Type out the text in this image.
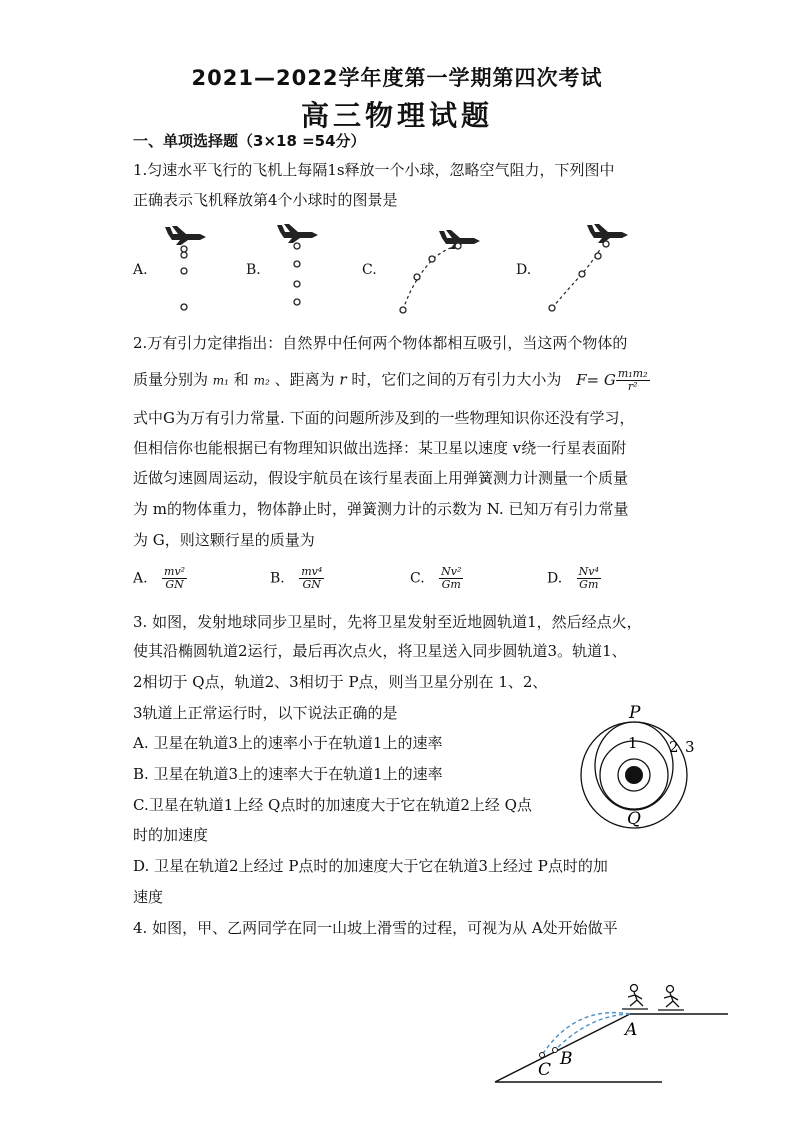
2021—2022学年度第一学期第四次考试
高三物理试题
一、单项选择题（3×18 =54分）
1.匀速水平飞行的飞机上每隔1s释放一个小球，忽略空气阻力，下列图中
正确表示飞机释放第4个小球时的图景是
A.	B.	C.	D.
2.万有引力定律指出：自然界中任何两个物体都相互吸引，当这两个物体的
质量分别为 m₁ 和 m₂ 、距离为 r 时，它们之间的万有引力大小为 F= G $\frac{\text{m₁m₂}}{\text{r²}}$
式中G为万有引力常量. 下面的问题所涉及到的一些物理知识你还没有学习，
但相信你也能根据已有物理知识做出选择：某卫星以速度 v绕一行星表面附
近做匀速圆周运动，假设宇航员在该行星表面上用弹簧测力计测量一个质量
为 m的物体重力，物体静止时，弹簧测力计的示数为 N. 已知万有引力常量
为 G，则这颗行星的质量为
A. $\frac{\text{mv²}}{GN}$	B. $\frac{\text{mv⁴}}{GN}$	C. $\frac{\text{Nv²}}{Gm}$	D. $\frac{\text{Nv⁴}}{Gm}$
3. 如图，发射地球同步卫星时，先将卫星发射至近地圆轨道1，然后经点火，
使其沿椭圆轨道2运行，最后再次点火，将卫星送入同步圆轨道3。轨道1、
2相切于 Q点，轨道2、3相切于 P点，则当卫星分别在 1、2、
3轨道上正常运行时，以下说法正确的是
A. 卫星在轨道3上的速率小于在轨道1上的速率
B. 卫星在轨道3上的速率大于在轨道1上的速率
C.卫星在轨道1上经 Q点时的加速度大于它在轨道2上经 Q点
时的加速度
D. 卫星在轨道2上经过 P点时的加速度大于它在轨道3上经过 P点时的加
速度
P
Q
1 2 3
4. 如图，甲、乙两同学在同一山坡上滑雪的过程，可视为从 A处开始做平
A
B
C
